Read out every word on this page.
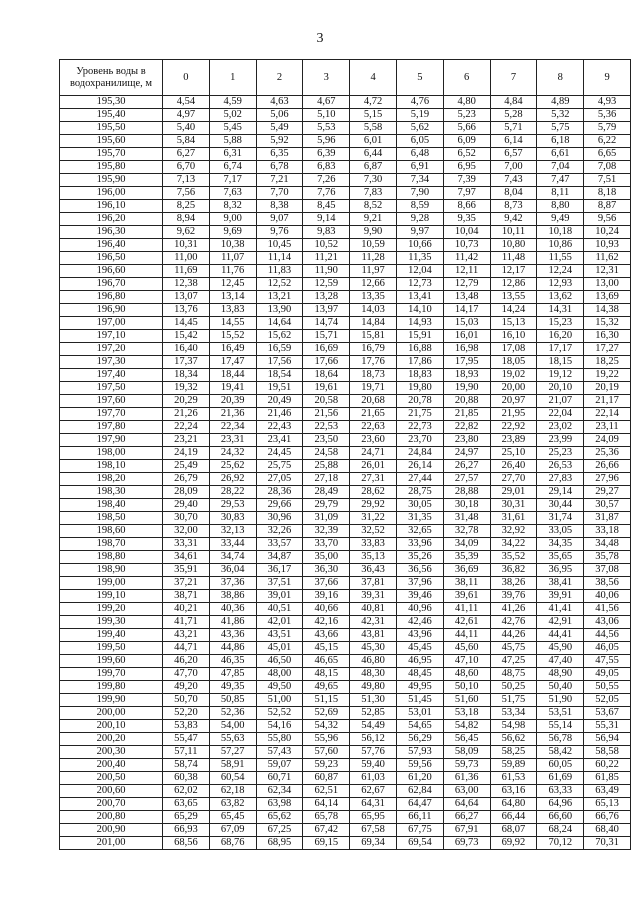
3
Уровень воды в водохранилище, м	0	1	2	3	4	5	6	7	8	9
195,30	4,54	4,59	4,63	4,67	4,72	4,76	4,80	4,84	4,89	4,93
195,40	4,97	5,02	5,06	5,10	5,15	5,19	5,23	5,28	5,32	5,36
195,50	5,40	5,45	5,49	5,53	5,58	5,62	5,66	5,71	5,75	5,79
195,60	5,84	5,88	5,92	5,96	6,01	6,05	6,09	6,14	6,18	6,22
195,70	6,27	6,31	6,35	6,39	6,44	6,48	6,52	6,57	6,61	6,65
195,80	6,70	6,74	6,78	6,83	6,87	6,91	6,95	7,00	7,04	7,08
195,90	7,13	7,17	7,21	7,26	7,30	7,34	7,39	7,43	7,47	7,51
196,00	7,56	7,63	7,70	7,76	7,83	7,90	7,97	8,04	8,11	8,18
196,10	8,25	8,32	8,38	8,45	8,52	8,59	8,66	8,73	8,80	8,87
196,20	8,94	9,00	9,07	9,14	9,21	9,28	9,35	9,42	9,49	9,56
196,30	9,62	9,69	9,76	9,83	9,90	9,97	10,04	10,11	10,18	10,24
196,40	10,31	10,38	10,45	10,52	10,59	10,66	10,73	10,80	10,86	10,93
196,50	11,00	11,07	11,14	11,21	11,28	11,35	11,42	11,48	11,55	11,62
196,60	11,69	11,76	11,83	11,90	11,97	12,04	12,11	12,17	12,24	12,31
196,70	12,38	12,45	12,52	12,59	12,66	12,73	12,79	12,86	12,93	13,00
196,80	13,07	13,14	13,21	13,28	13,35	13,41	13,48	13,55	13,62	13,69
196,90	13,76	13,83	13,90	13,97	14,03	14,10	14,17	14,24	14,31	14,38
197,00	14,45	14,55	14,64	14,74	14,84	14,93	15,03	15,13	15,23	15,32
197,10	15,42	15,52	15,62	15,71	15,81	15,91	16,01	16,10	16,20	16,30
197,20	16,40	16,49	16,59	16,69	16,79	16,88	16,98	17,08	17,17	17,27
197,30	17,37	17,47	17,56	17,66	17,76	17,86	17,95	18,05	18,15	18,25
197,40	18,34	18,44	18,54	18,64	18,73	18,83	18,93	19,02	19,12	19,22
197,50	19,32	19,41	19,51	19,61	19,71	19,80	19,90	20,00	20,10	20,19
197,60	20,29	20,39	20,49	20,58	20,68	20,78	20,88	20,97	21,07	21,17
197,70	21,26	21,36	21,46	21,56	21,65	21,75	21,85	21,95	22,04	22,14
197,80	22,24	22,34	22,43	22,53	22,63	22,73	22,82	22,92	23,02	23,11
197,90	23,21	23,31	23,41	23,50	23,60	23,70	23,80	23,89	23,99	24,09
198,00	24,19	24,32	24,45	24,58	24,71	24,84	24,97	25,10	25,23	25,36
198,10	25,49	25,62	25,75	25,88	26,01	26,14	26,27	26,40	26,53	26,66
198,20	26,79	26,92	27,05	27,18	27,31	27,44	27,57	27,70	27,83	27,96
198,30	28,09	28,22	28,36	28,49	28,62	28,75	28,88	29,01	29,14	29,27
198,40	29,40	29,53	29,66	29,79	29,92	30,05	30,18	30,31	30,44	30,57
198,50	30,70	30,83	30,96	31,09	31,22	31,35	31,48	31,61	31,74	31,87
198,60	32,00	32,13	32,26	32,39	32,52	32,65	32,78	32,92	33,05	33,18
198,70	33,31	33,44	33,57	33,70	33,83	33,96	34,09	34,22	34,35	34,48
198,80	34,61	34,74	34,87	35,00	35,13	35,26	35,39	35,52	35,65	35,78
198,90	35,91	36,04	36,17	36,30	36,43	36,56	36,69	36,82	36,95	37,08
199,00	37,21	37,36	37,51	37,66	37,81	37,96	38,11	38,26	38,41	38,56
199,10	38,71	38,86	39,01	39,16	39,31	39,46	39,61	39,76	39,91	40,06
199,20	40,21	40,36	40,51	40,66	40,81	40,96	41,11	41,26	41,41	41,56
199,30	41,71	41,86	42,01	42,16	42,31	42,46	42,61	42,76	42,91	43,06
199,40	43,21	43,36	43,51	43,66	43,81	43,96	44,11	44,26	44,41	44,56
199,50	44,71	44,86	45,01	45,15	45,30	45,45	45,60	45,75	45,90	46,05
199,60	46,20	46,35	46,50	46,65	46,80	46,95	47,10	47,25	47,40	47,55
199,70	47,70	47,85	48,00	48,15	48,30	48,45	48,60	48,75	48,90	49,05
199,80	49,20	49,35	49,50	49,65	49,80	49,95	50,10	50,25	50,40	50,55
199,90	50,70	50,85	51,00	51,15	51,30	51,45	51,60	51,75	51,90	52,05
200,00	52,20	52,36	52,52	52,69	52,85	53,01	53,18	53,34	53,51	53,67
200,10	53,83	54,00	54,16	54,32	54,49	54,65	54,82	54,98	55,14	55,31
200,20	55,47	55,63	55,80	55,96	56,12	56,29	56,45	56,62	56,78	56,94
200,30	57,11	57,27	57,43	57,60	57,76	57,93	58,09	58,25	58,42	58,58
200,40	58,74	58,91	59,07	59,23	59,40	59,56	59,73	59,89	60,05	60,22
200,50	60,38	60,54	60,71	60,87	61,03	61,20	61,36	61,53	61,69	61,85
200,60	62,02	62,18	62,34	62,51	62,67	62,84	63,00	63,16	63,33	63,49
200,70	63,65	63,82	63,98	64,14	64,31	64,47	64,64	64,80	64,96	65,13
200,80	65,29	65,45	65,62	65,78	65,95	66,11	66,27	66,44	66,60	66,76
200,90	66,93	67,09	67,25	67,42	67,58	67,75	67,91	68,07	68,24	68,40
201,00	68,56	68,76	68,95	69,15	69,34	69,54	69,73	69,92	70,12	70,31
